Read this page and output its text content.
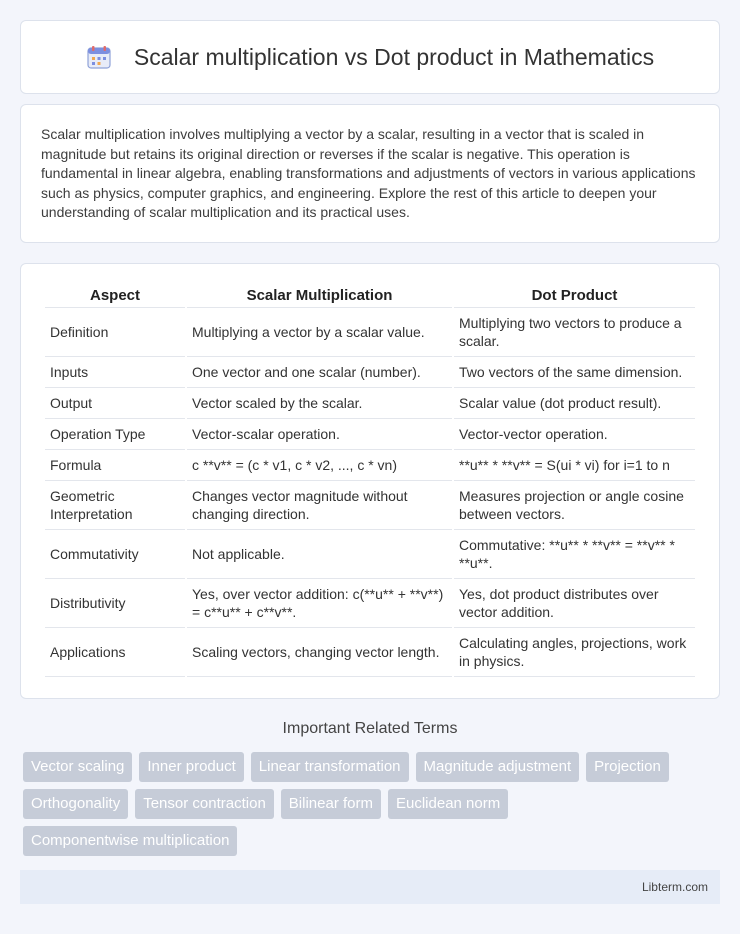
Scalar multiplication vs Dot product in Mathematics

Scalar multiplication involves multiplying a vector by a scalar, resulting in a vector that is scaled in magnitude but retains its original direction or reverses if the scalar is negative. This operation is fundamental in linear algebra, enabling transformations and adjustments of vectors in various applications such as physics, computer graphics, and engineering. Explore the rest of this article to deepen your understanding of scalar multiplication and its practical uses.

Aspect	Scalar Multiplication	Dot Product
Definition	Multiplying a vector by a scalar value.	Multiplying two vectors to produce a scalar.
Inputs	One vector and one scalar (number).	Two vectors of the same dimension.
Output	Vector scaled by the scalar.	Scalar value (dot product result).
Operation Type	Vector-scalar operation.	Vector-vector operation.
Formula	c **v** = (c * v1, c * v2, ..., c * vn)	**u** * **v** = S(ui * vi) for i=1 to n
Geometric Interpretation	Changes vector magnitude without changing direction.	Measures projection or angle cosine between vectors.
Commutativity	Not applicable.	Commutative: **u** * **v** = **v** * **u**.
Distributivity	Yes, over vector addition: c(**u** + **v**) = c**u** + c**v**.	Yes, dot product distributes over vector addition.
Applications	Scaling vectors, changing vector length.	Calculating angles, projections, work in physics.
Important Related Terms
Vector scaling	Inner product	Linear transformation	Magnitude adjustment	Projection
Orthogonality	Tensor contraction	Bilinear form	Euclidean norm
Componentwise multiplication
Libterm.com
